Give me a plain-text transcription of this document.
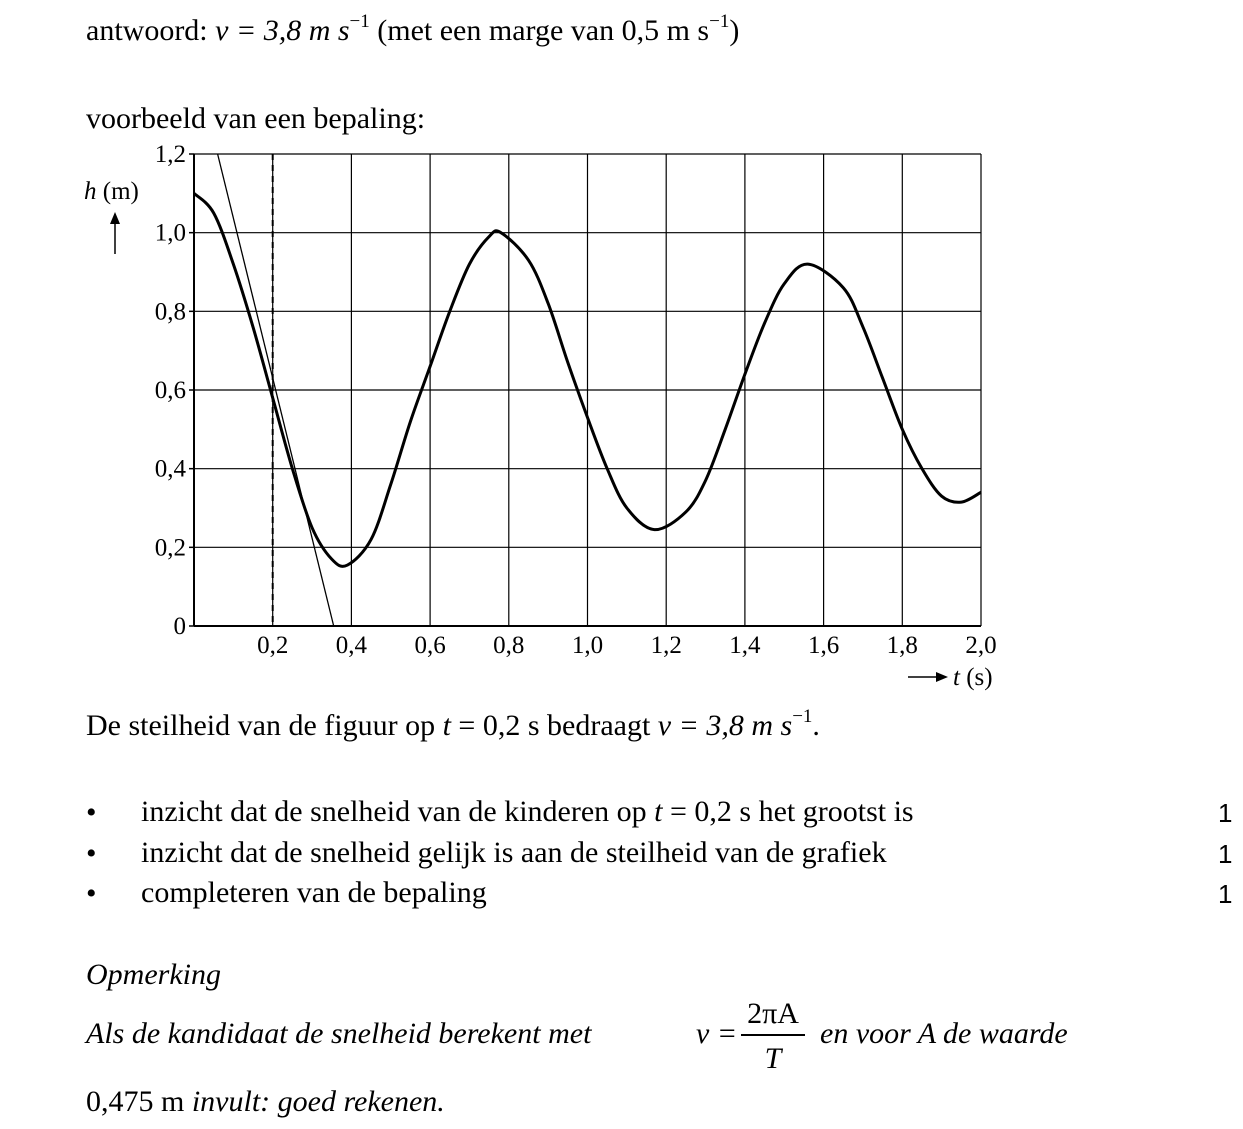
antwoord: v = 3,8 m $s^{-1}$ (met een marge van 0,5 m $s^{-1}$)
voorbeeld van een bepaling:
0,2 0,4 0,6 0,8 1,0 1,2 1,4 1,6 1,8 2,0
0
0,2
0,4
0,6
0,8
1,0
1,2
h (m)
t (s)
De steilheid van de figuur op t = 0,2 s bedraagt v = 3,8 m $s^{-1}$.
• inzicht dat de snelheid van de kinderen op t = 0,2 s het grootst is	1
• inzicht dat de snelheid gelijk is aan de steilheid van de grafiek	1
• completeren van de bepaling	1
Opmerking
Als de kandidaat de snelheid berekent met	v =
2πA
T
en voor A de waarde
0,475 m invult: goed rekenen.
